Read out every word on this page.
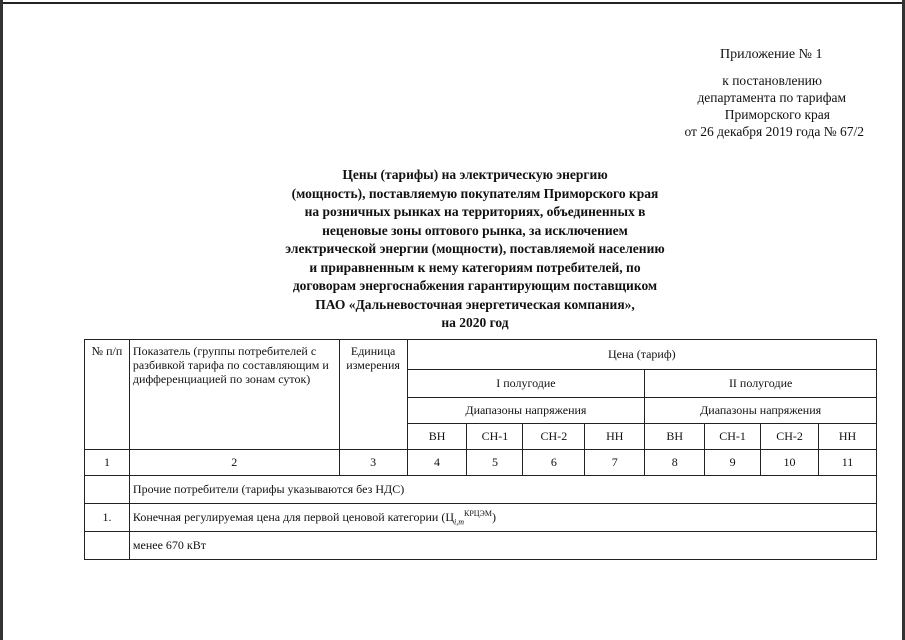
Приложение № 1
к постановлению
департамента по тарифам
Приморского края
от 26 декабря 2019 года № 67/2
Цены (тарифы) на электрическую энергию
(мощность), поставляемую покупателям Приморского края
на розничных рынках на территориях, объединенных в
неценовые зоны оптового рынка, за исключением
электрической энергии (мощности), поставляемой населению
и приравненным к нему категориям потребителей, по
договорам энергоснабжения гарантирующим поставщиком
ПАО «Дальневосточная энергетическая компания»,
на 2020 год
№ п/п	Показатель (группы потребителей с разбивкой тарифа по составляющим и дифференциацией по зонам суток)	Единица измерения	Цена (тариф)							
			I полугодие				II полугодие			
			Диапазоны напряжения				Диапазоны напряжения			
			ВН	СН-1	СН-2	НН	ВН	СН-1	СН-2	НН
1	2	3	4	5	6	7	8	9	10	11
	Прочие потребители (тарифы указываются без НДС)									
1.	Конечная регулируемая цена для первой ценовой категории $(Ц_{i,m}^{КРЦЭМ})$									
	менее 670 кВт									
